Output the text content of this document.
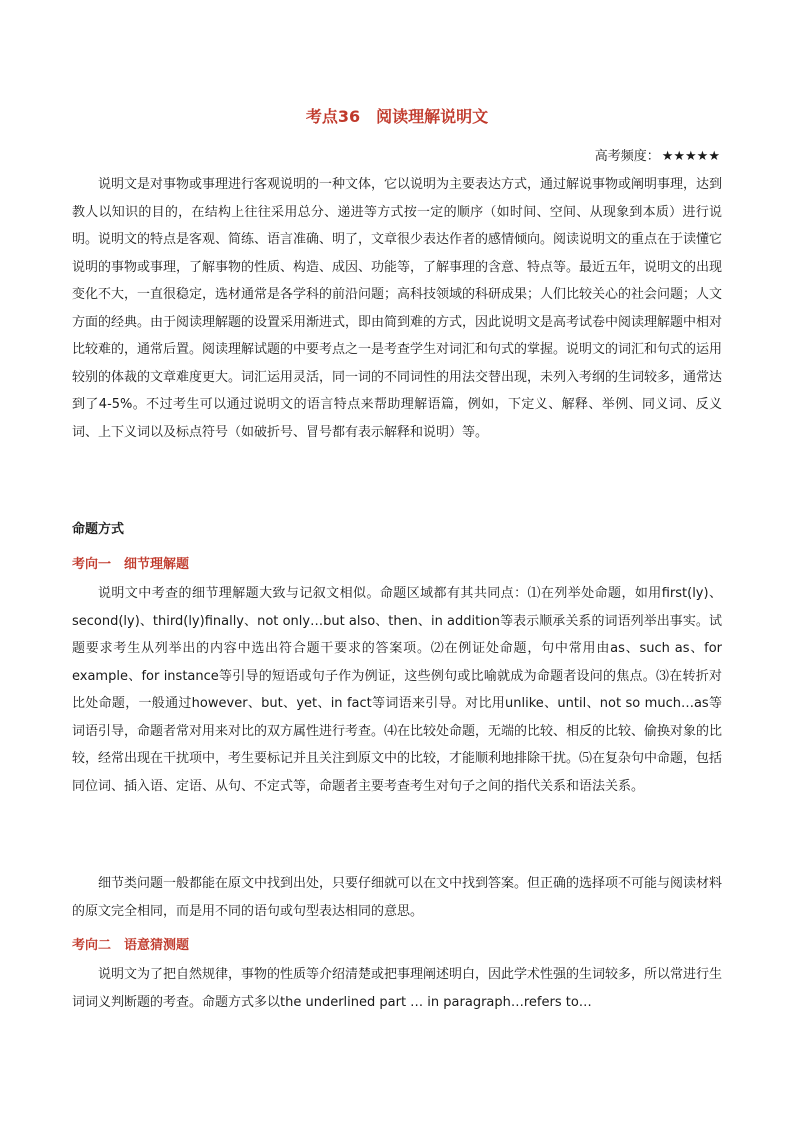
考点36　阅读理解说明文
高考频度： ★★★★★

说明文是对事物或事理进行客观说明的一种文体，它以说明为主要表达方式，通过解说事物或阐明事理，达到教人以知识的目的，在结构上往往采用总分、递进等方式按一定的顺序（如时间、空间、从现象到本质）进行说明。说明文的特点是客观、简练、语言准确、明了，文章很少表达作者的感情倾向。阅读说明文的重点在于读懂它说明的事物或事理，了解事物的性质、构造、成因、功能等，了解事理的含意、特点等。最近五年，说明文的出现变化不大，一直很稳定，选材通常是各学科的前沿问题；高科技领域的科研成果；人们比较关心的社会问题；人文方面的经典。由于阅读理解题的设置采用渐进式，即由简到难的方式，因此说明文是高考试卷中阅读理解题中相对比较难的，通常后置。阅读理解试题的中要考点之一是考查学生对词汇和句式的掌握。说明文的词汇和句式的运用较别的体裁的文章难度更大。词汇运用灵活，同一词的不同词性的用法交替出现，未列入考纲的生词较多，通常达到了4-5%。不过考生可以通过说明文的语言特点来帮助理解语篇，例如，下定义、解释、举例、同义词、反义词、上下义词以及标点符号（如破折号、冒号都有表示解释和说明）等。

命题方式
考向一　细节理解题

说明文中考查的细节理解题大致与记叙文相似。命题区域都有其共同点：⑴在列举处命题，如用first(ly)、second(ly)、third(ly)finally、not only…but also、then、in addition等表示顺承关系的词语列举出事实。试题要求考生从列举出的内容中选出符合题干要求的答案项。⑵在例证处命题，句中常用由as、such as、for example、for instance等引导的短语或句子作为例证，这些例句或比喻就成为命题者设问的焦点。⑶在转折对比处命题，一般通过however、but、yet、in fact等词语来引导。对比用unlike、until、not so much…as等词语引导，命题者常对用来对比的双方属性进行考查。⑷在比较处命题，无端的比较、相反的比较、偷换对象的比较，经常出现在干扰项中，考生要标记并且关注到原文中的比较，才能顺利地排除干扰。⑸在复杂句中命题，包括同位词、插入语、定语、从句、不定式等，命题者主要考查考生对句子之间的指代关系和语法关系。

细节类问题一般都能在原文中找到出处，只要仔细就可以在文中找到答案。但正确的选择项不可能与阅读材料的原文完全相同，而是用不同的语句或句型表达相同的意思。

考向二　语意猜测题

说明文为了把自然规律，事物的性质等介绍清楚或把事理阐述明白，因此学术性强的生词较多，所以常进行生词词义判断题的考查。命题方式多以the underlined part … in paragraph…refers to…
